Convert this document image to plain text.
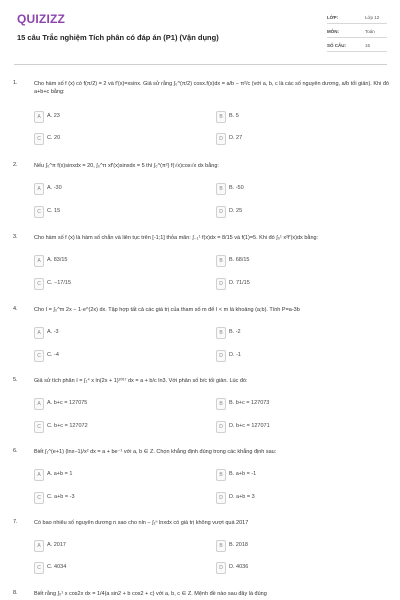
QUIZIZZ
15 câu Trắc nghiệm Tích phân có đáp án (P1) (Vận dụng)
LỚP:	Lớp 12
MÔN:	Toán
SỐ CÂU:	15
1.	Cho hàm số f (x) có f(π/2) = 2 và f'(x)=xsinx. Giả sử rằng ∫₀^(π/2) cosx.f(x)dx = a/b − π²/c (với a, b, c là các số nguyên dương, a/b tối giản). Khi đó a+b+c bằng:
A	A. 23	B	B. 5
C	C. 20	D	D. 27
2.	Nếu ∫₀^π f(x)sinxdx = 20, ∫₀^π xf'(x)sinxdx = 5 thì ∫₀^(π²) f(√x)cos√x dx bằng:
A	A. -30	B	B. -50
C	C. 15	D	D. 25
3.	Cho hàm số f (x) là hàm số chẵn và liên tục trên [-1;1] thỏa mãn: ∫₋₁¹ f(x)dx = 8/15 và f(1)=5. Khi đó ∫₀¹ x²f'(x)dx bằng:
A	A. 83/15	B	B. 68/15
C	C. −17/15	D	D. 71/15
4.	Cho I = ∫₀^m 2x − 1·e^(2x) dx. Tập hợp tất cả các giá trị của tham số m để I < m là khoảng (a;b). Tính P=a-3b
A	A. -3	B	B. -2
C	C. -4	D	D. -1
5.	Giả sử tích phân I = ∫₁⁴ x ln(2x + 1)²⁰¹⁷ dx = a + b/c ln3. Với phân số b/c tối giản. Lúc đó:
A	A. b+c = 127075	B	B. b+c = 127073
C	C. b+c = 127072	D	D. b+c = 127071
6.	Biết ∫₁^(e+1) (lnx−1)/x² dx = a + be⁻¹ với a, b ∈ Z. Chọn khẳng định đúng trong các khẳng định sau:
A	A. a+b = 1	B	B. a+b = -1
C	C. a+b = -3	D	D. a+b = 3
7.	Có bao nhiêu số nguyên dương n sao cho nln − ∫₁ⁿ lnxdx có giá trị không vượt quá 2017
A	A. 2017	B	B. 2018
C	C. 4034	D	D. 4036
8.	Biết rằng ∫₀¹ x cos2x dx = 1/4(a sin2 + b cos2 + c) với a, b, c ∈ Z. Mệnh đề nào sau đây là đúng
